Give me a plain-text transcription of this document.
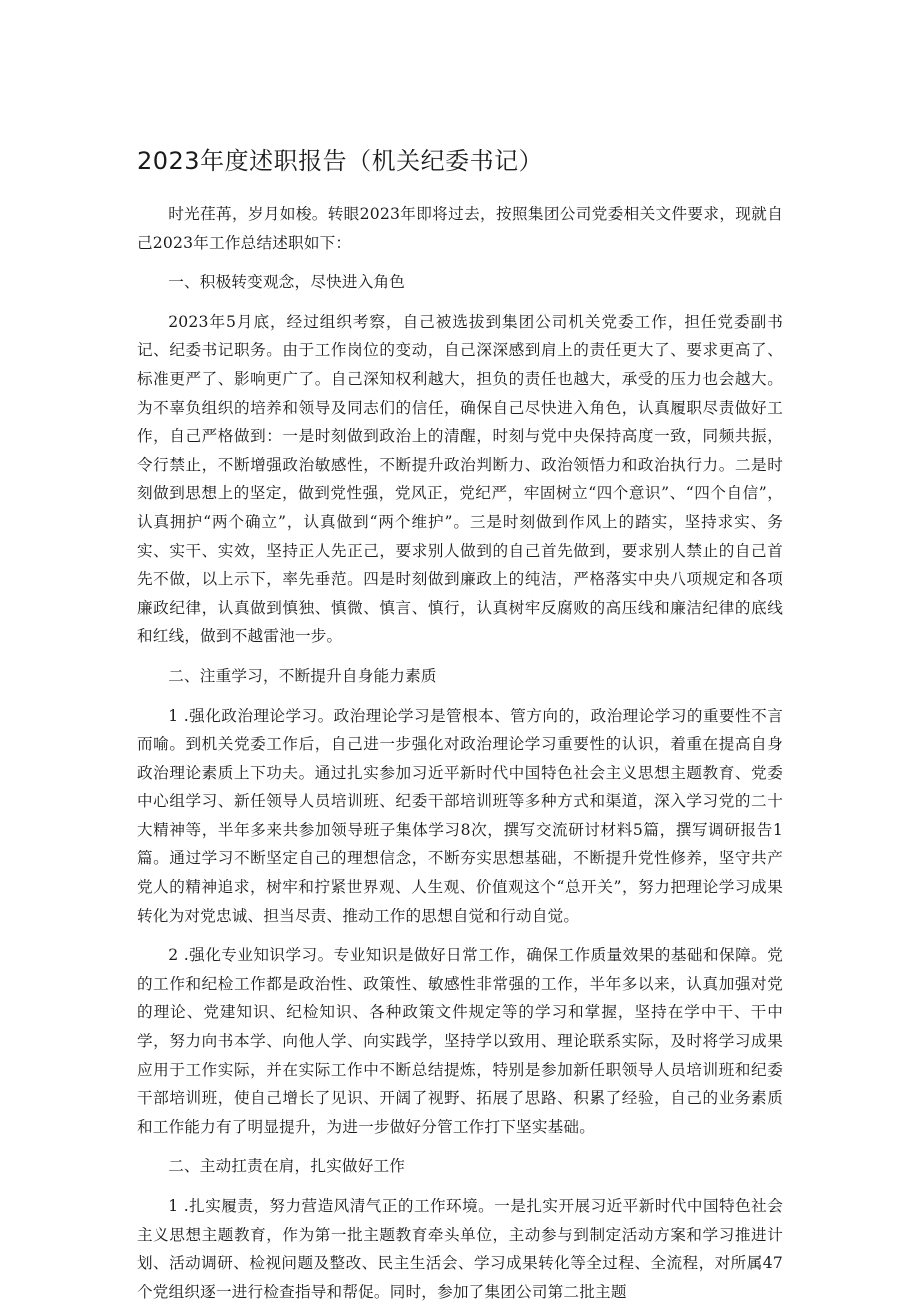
2023年度述职报告（机关纪委书记）

时光荏苒，岁月如梭。转眼2023年即将过去，按照集团公司党委相关文件要求，现就自己2023年工作总结述职如下：

一、积极转变观念，尽快进入角色

2023年5月底，经过组织考察，自己被选拔到集团公司机关党委工作，担任党委副书记、纪委书记职务。由于工作岗位的变动，自己深深感到肩上的责任更大了、要求更高了、标准更严了、影响更广了。自己深知权利越大，担负的责任也越大，承受的压力也会越大。为不辜负组织的培养和领导及同志们的信任，确保自己尽快进入角色，认真履职尽责做好工作，自己严格做到：一是时刻做到政治上的清醒，时刻与党中央保持高度一致，同频共振，令行禁止，不断增强政治敏感性，不断提升政治判断力、政治领悟力和政治执行力。二是时刻做到思想上的坚定，做到党性强，党风正，党纪严，牢固树立“四个意识”、“四个自信”，认真拥护“两个确立”，认真做到“两个维护”。三是时刻做到作风上的踏实，坚持求实、务实、实干、实效，坚持正人先正己，要求别人做到的自己首先做到，要求别人禁止的自己首先不做，以上示下，率先垂范。四是时刻做到廉政上的纯洁，严格落实中央八项规定和各项廉政纪律，认真做到慎独、慎微、慎言、慎行，认真树牢反腐败的高压线和廉洁纪律的底线和红线，做到不越雷池一步。

二、注重学习，不断提升自身能力素质

1 .强化政治理论学习。政治理论学习是管根本、管方向的，政治理论学习的重要性不言而喻。到机关党委工作后，自己进一步强化对政治理论学习重要性的认识，着重在提高自身政治理论素质上下功夫。通过扎实参加习近平新时代中国特色社会主义思想主题教育、党委中心组学习、新任领导人员培训班、纪委干部培训班等多种方式和渠道，深入学习党的二十大精神等，半年多来共参加领导班子集体学习8次，撰写交流研讨材料5篇，撰写调研报告1篇。通过学习不断坚定自己的理想信念，不断夯实思想基础，不断提升党性修养，坚守共产党人的精神追求，树牢和拧紧世界观、人生观、价值观这个“总开关”，努力把理论学习成果转化为对党忠诚、担当尽责、推动工作的思想自觉和行动自觉。

2 .强化专业知识学习。专业知识是做好日常工作，确保工作质量效果的基础和保障。党的工作和纪检工作都是政治性、政策性、敏感性非常强的工作，半年多以来，认真加强对党的理论、党建知识、纪检知识、各种政策文件规定等的学习和掌握，坚持在学中干、干中学，努力向书本学、向他人学、向实践学，坚持学以致用、理论联系实际，及时将学习成果应用于工作实际，并在实际工作中不断总结提炼，特别是参加新任职领导人员培训班和纪委干部培训班，使自己增长了见识、开阔了视野、拓展了思路、积累了经验，自己的业务素质和工作能力有了明显提升，为进一步做好分管工作打下坚实基础。

二、主动扛责在肩，扎实做好工作

1 .扎实履责，努力营造风清气正的工作环境。一是扎实开展习近平新时代中国特色社会主义思想主题教育，作为第一批主题教育牵头单位，主动参与到制定活动方案和学习推进计划、活动调研、检视问题及整改、民主生活会、学习成果转化等全过程、全流程，对所属47个党组织逐一进行检查指导和帮促。同时，参加了集团公司第二批主题
